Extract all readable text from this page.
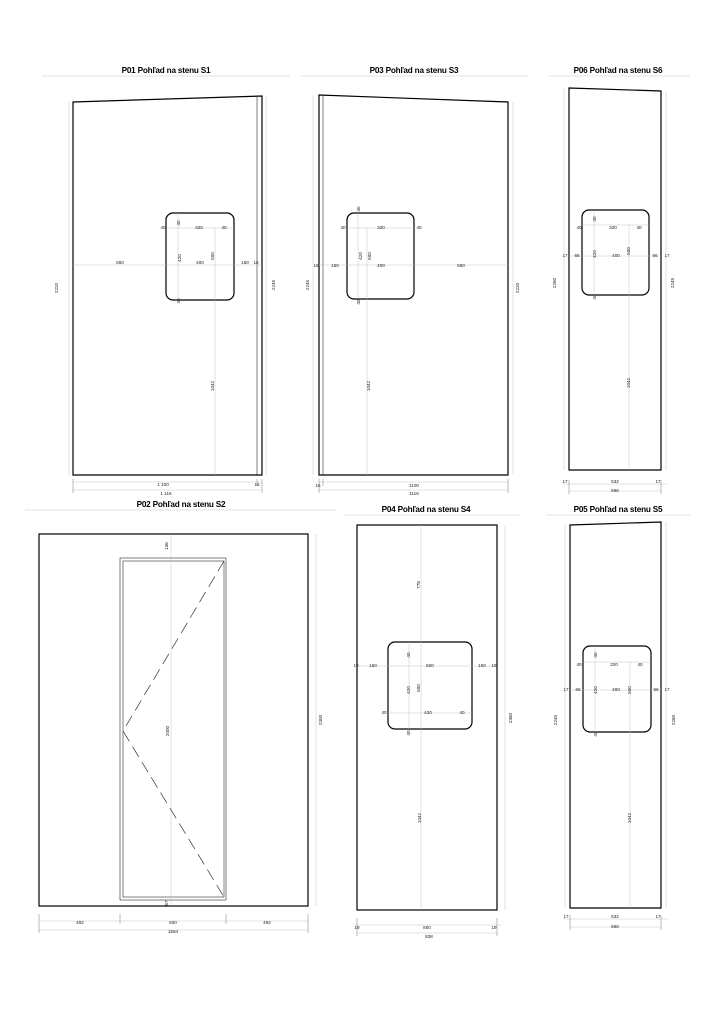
P01 Pohľad na stenu S1
2220	2245
550	150 16
40
40
40	40
320
400
420	500
1042
1 100	16
1 116
P03 Pohľad na stenu S3
2245	2220
16	150	550
40
40
40	40
320
400
420 500
1042
16	1100
1116
P06 Pohľad na stenu S6
2260	2245
17	17
66	66
40
40
40	40
320
400
420	500
1042
17	532	17
566
P02 Pohľad na stenu S2
136
2000
67
2300
492	600	492
1584
P04 Pohľad na stenu S4
778
19	19
150	150
500
40
40
40	40
420
420 500
1042
2360
19	800	19
838
P05 Pohľad na stenu S5
2245	2260
17	17
66	66
40
40
40	40
320
400
420	500
1042
17	532	17
566
